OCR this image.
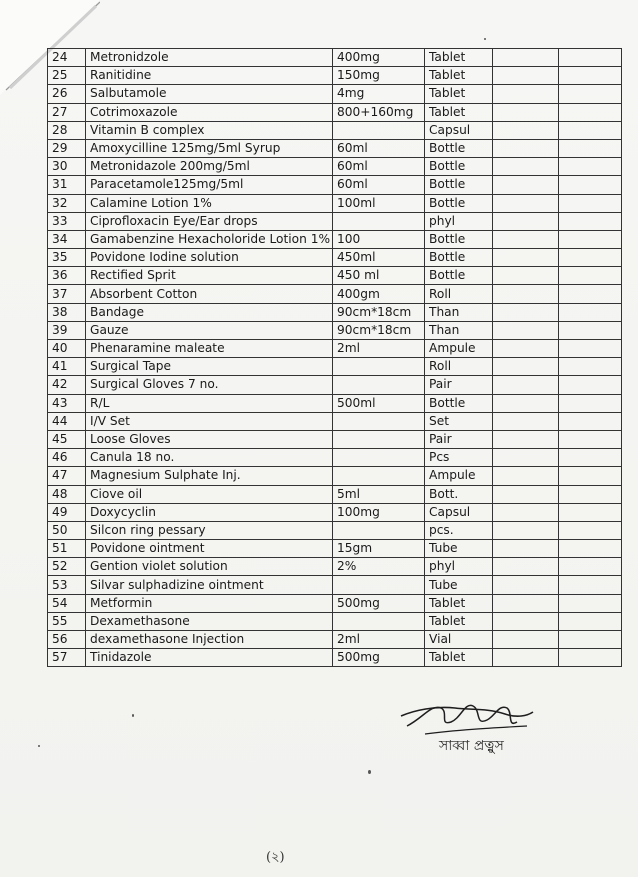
24	Metronidzole	400mg	Tablet		
25	Ranitidine	150mg	Tablet		
26	Salbutamole	4mg	Tablet		
27	Cotrimoxazole	800+160mg	Tablet		
28	Vitamin B complex		Capsul		
29	Amoxycilline 125mg/5ml Syrup	60ml	Bottle		
30	Metronidazole 200mg/5ml	60ml	Bottle		
31	Paracetamole125mg/5ml	60ml	Bottle		
32	Calamine Lotion 1%	100ml	Bottle		
33	Ciprofloxacin Eye/Ear drops		phyl		
34	Gamabenzine Hexacholoride Lotion 1%	100	Bottle		
35	Povidone Iodine solution	450ml	Bottle		
36	Rectified Sprit	450 ml	Bottle		
37	Absorbent Cotton	400gm	Roll		
38	Bandage	90cm*18cm	Than		
39	Gauze	90cm*18cm	Than		
40	Phenaramine maleate	2ml	Ampule		
41	Surgical Tape		Roll		
42	Surgical Gloves 7 no.		Pair		
43	R/L	500ml	Bottle		
44	I/V Set		Set		
45	Loose Gloves		Pair		
46	Canula 18 no.		Pcs		
47	Magnesium Sulphate Inj.		Ampule		
48	Ciove oil	5ml	Bott.		
49	Doxycyclin	100mg	Capsul		
50	Silcon ring pessary		pcs.		
51	Povidone ointment	15gm	Tube		
52	Gention violet solution	2%	phyl		
53	Silvar sulphadizine ointment		Tube		
54	Metformin	500mg	Tablet		
55	Dexamethasone		Tablet		
56	dexamethasone Injection	2ml	Vial		
57	Tinidazole	500mg	Tablet		
সাব্বা প্রত্নুস
(২)
